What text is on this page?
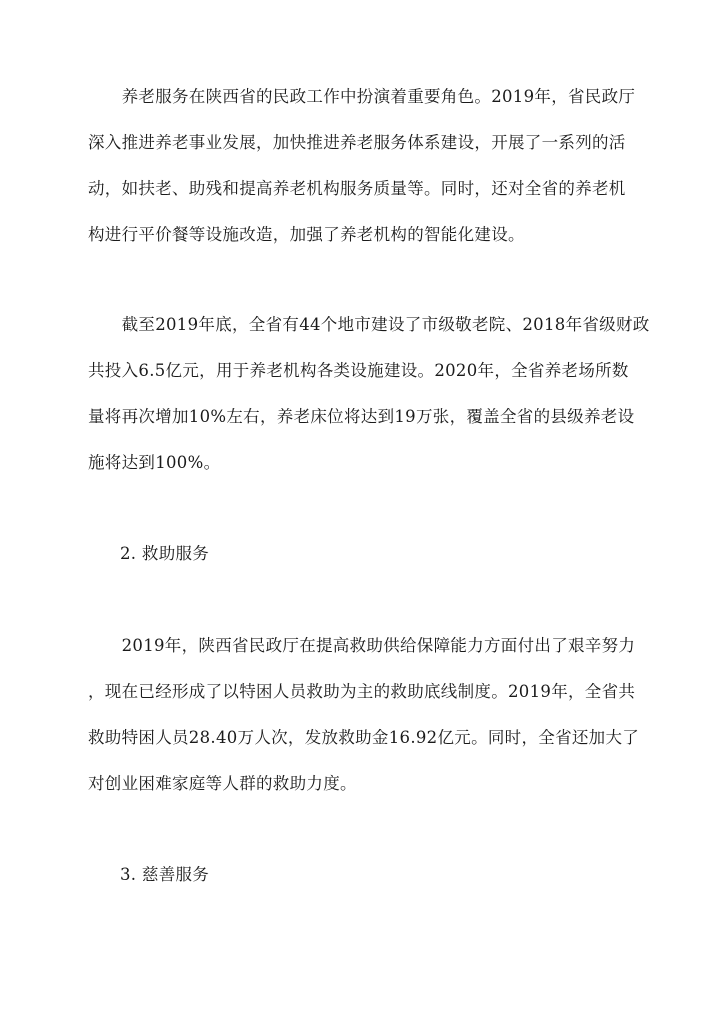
　　养老服务在陕西省的民政工作中扮演着重要角色。2019年，省民政厅
深入推进养老事业发展，加快推进养老服务体系建设，开展了一系列的活
动，如扶老、助残和提高养老机构服务质量等。同时，还对全省的养老机
构进行平价餐等设施改造，加强了养老机构的智能化建设。
　　截至2019年底，全省有44个地市建设了市级敬老院、2018年省级财政
共投入6.5亿元，用于养老机构各类设施建设。2020年，全省养老场所数
量将再次增加10%左右，养老床位将达到19万张，覆盖全省的县级养老设
施将达到100%。

2. 救助服务

　　2019年，陕西省民政厅在提高救助供给保障能力方面付出了艰辛努力
，现在已经形成了以特困人员救助为主的救助底线制度。2019年，全省共
救助特困人员28.40万人次，发放救助金16.92亿元。同时，全省还加大了
对创业困难家庭等人群的救助力度。

3. 慈善服务
